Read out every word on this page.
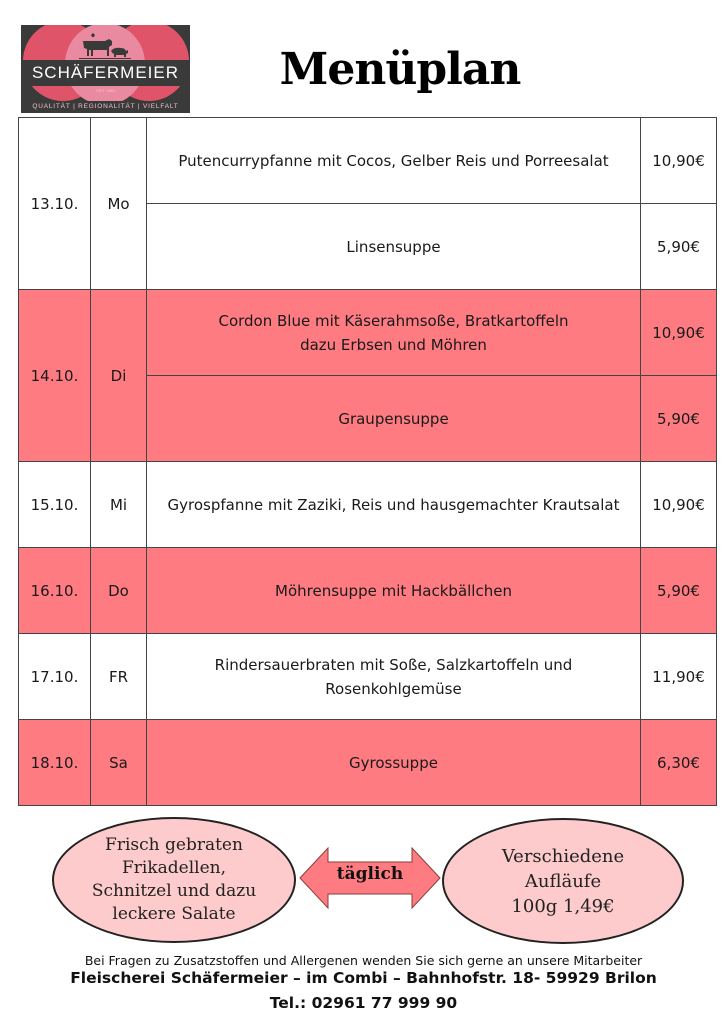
SCHÄFERMEIER
SEIT 1983
QUALITÄT | REGIONALITÄT | VIELFALT
Menüplan
13.10.	Mo	Putencurrypfanne mit Cocos, Gelber Reis und Porreesalat	10,90€

		Linsensuppe	5,90€
14.10.	Di	Cordon Blue mit Käserahmsoße, Bratkartoffeln
dazu Erbsen und Möhren	10,90€

		Graupensuppe	5,90€
15.10.	Mi	Gyrospfanne mit Zaziki, Reis und hausgemachter Krautsalat	10,90€
16.10.	Do	Möhrensuppe mit Hackbällchen	5,90€
17.10.	FR	Rindersauerbraten mit Soße, Salzkartoffeln und
Rosenkohlgemüse	11,90€
18.10.	Sa	Gyrossuppe	6,30€
Frisch gebraten
Frikadellen,
Schnitzel und dazu
leckere Salate
täglich
Verschiedene
Aufläufe
100g 1,49€
Bei Fragen zu Zusatzstoffen und Allergenen wenden Sie sich gerne an unsere Mitarbeiter
Fleischerei Schäfermeier – im Combi – Bahnhofstr. 18- 59929 Brilon
Tel.: 02961 77 999 90
